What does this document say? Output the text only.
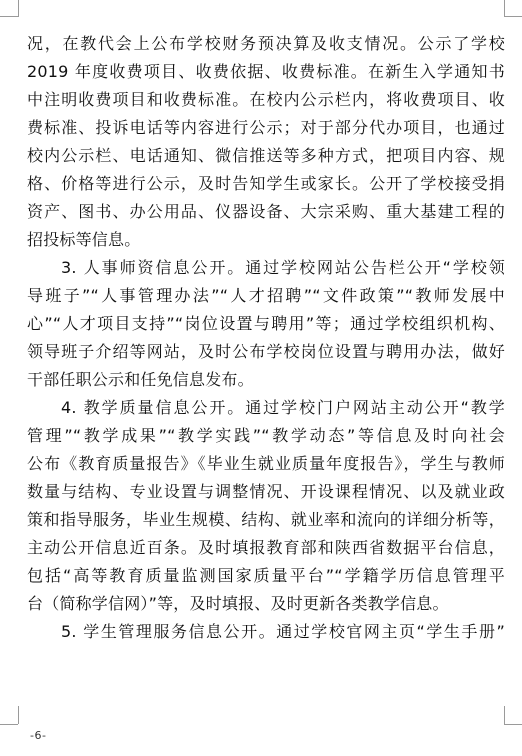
况，在教代会上公布学校财务预决算及收支情况。公示了学校
2019 年度收费项目、收费依据、收费标准。在新生入学通知书
中注明收费项目和收费标准。在校内公示栏内，将收费项目、收
费标准、投诉电话等内容进行公示；对于部分代办项目，也通过
校内公示栏、电话通知、微信推送等多种方式，把项目内容、规
格、价格等进行公示，及时告知学生或家长。公开了学校接受捐
资产、图书、办公用品、仪器设备、大宗采购、重大基建工程的
招投标等信息。
3. 人事师资信息公开。通过学校网站公告栏公开“学校领
导班子”“人事管理办法”“人才招聘”“文件政策”“教师发展中
心”“人才项目支持”“岗位设置与聘用”等；通过学校组织机构、
领导班子介绍等网站，及时公布学校岗位设置与聘用办法，做好
干部任职公示和任免信息发布。
4. 教学质量信息公开。通过学校门户网站主动公开“教学
管理”“教学成果”“教学实践”“教学动态”等信息及时向社会
公布《教育质量报告》《毕业生就业质量年度报告》，学生与教师
数量与结构、专业设置与调整情况、开设课程情况、以及就业政
策和指导服务，毕业生规模、结构、就业率和流向的详细分析等，
主动公开信息近百条。及时填报教育部和陕西省数据平台信息，
包括“高等教育质量监测国家质量平台”“学籍学历信息管理平
台（简称学信网）”等，及时填报、及时更新各类教学信息。
5. 学生管理服务信息公开。通过学校官网主页“学生手册”
-6-
